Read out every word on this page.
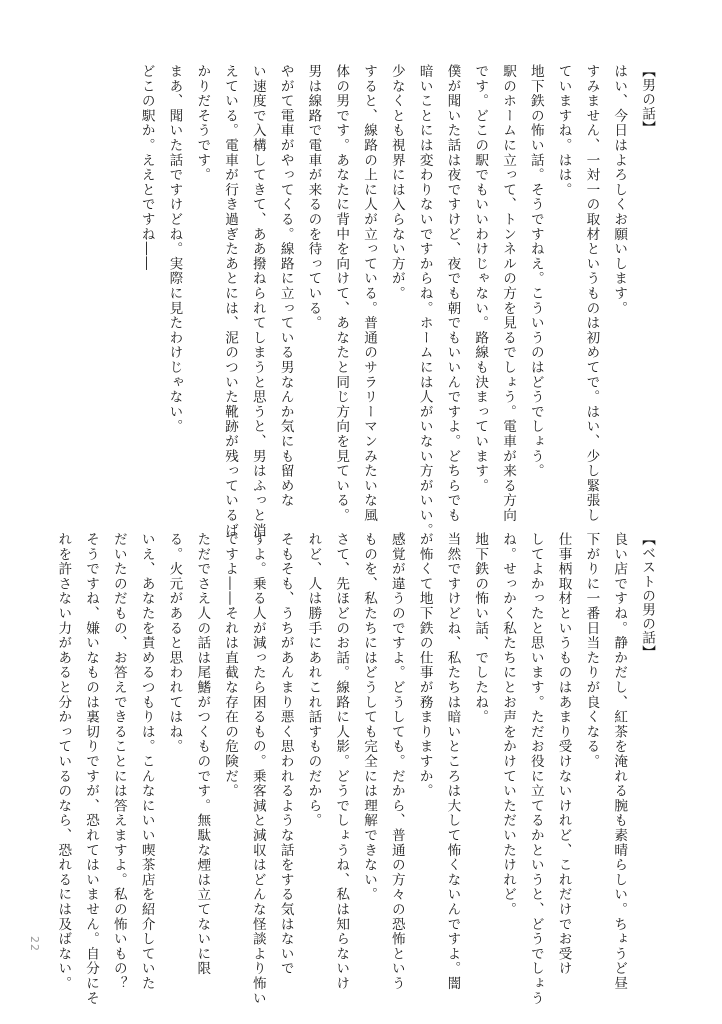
【男の話】
はい、今日はよろしくお願いします。
すみません、一対一の取材というものは初めてで。はい、少し緊張し
ていますね。はは。
地下鉄の怖い話。そうですねえ。こういうのはどうでしょう。
駅のホームに立って、トンネルの方を見るでしょう。電車が来る方向
です。どこの駅でもいいわけじゃない。路線も決まっています。
僕が聞いた話は夜ですけど、夜でも朝でもいいんですよ。どちらでも
暗いことには変わりないですからね。ホームには人がいない方がいい。
少なくとも視界には入らない方が。
すると、線路の上に人が立っている。普通のサラリーマンみたいな風
体の男です。あなたに背中を向けて、あなたと同じ方向を見ている。
男は線路で電車が来るのを待っている。
やがて電車がやってくる。線路に立っている男なんか気にも留めな
い速度で入構してきて、ああ撥ねられてしまうと思うと、男はふっと消
えている。電車が行き過ぎたあとには、泥のついた靴跡が残っているば
かりだそうです。
まあ、聞いた話ですけどね。実際に見たわけじゃない。
どこの駅か。ええとですね――
【ベストの男の話】
良い店ですね。静かだし、紅茶を淹れる腕も素晴らしい。ちょうど昼
下がりに一番日当たりが良くなる。
仕事柄取材というものはあまり受けないけれど、これだけでお受け
してよかったと思います。ただお役に立てるかというと、どうでしょう
ね。せっかく私たちにとお声をかけていただいたけれど。
地下鉄の怖い話、でしたね。
当然ですけどね、私たちは暗いところは大して怖くないんですよ。闇
が怖くて地下鉄の仕事が務まりますか。
感覚が違うのですよ。どうしても。だから、普通の方々の恐怖という
ものを、私たちにはどうしても完全には理解できない。
さて、先ほどのお話。線路に人影。どうでしょうね、私は知らないけ
れど、人は勝手にあれこれ話すものだから。
そもそも、うちがあんまり悪く思われるような話をする気はないで
すよ。乗る人が減ったら困るもの。乗客減と減収はどんな怪談より怖い
ですよ――それは直截な存在の危険だ。
ただでさえ人の話は尾鰭がつくものです。無駄な煙は立てないに限
る。火元があると思われてはね。
いえ、あなたを責めるつもりは。こんなにいい喫茶店を紹介していた
だいたのだもの、お答えできることには答えますよ。私の怖いもの？
そうですね、嫌いなものは裏切りですが、恐れてはいません。自分にそ
れを許さない力があると分かっているのなら、恐れるには及ばない。
22
